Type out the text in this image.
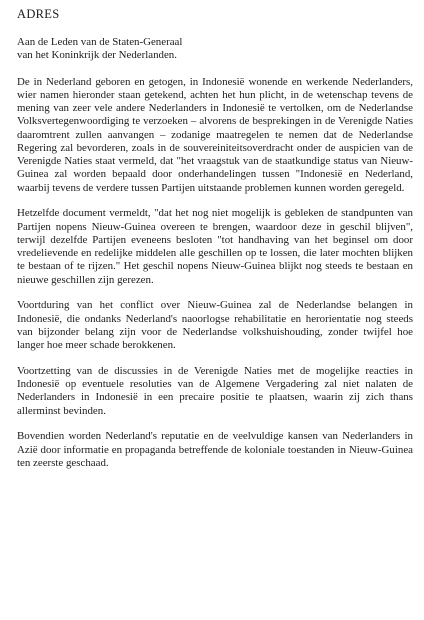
ADRES
Aan de Leden van de Staten-Generaal
van het Koninkrijk der Nederlanden.

De in Nederland geboren en getogen, in Indonesië wonende en werkende Nederlanders, wier namen hieronder staan getekend, achten het hun plicht, in de wetenschap tevens de mening van zeer vele andere Nederlanders in Indonesië te vertolken, om de Nederlandse Volksvertegenwoordiging te verzoeken – alvorens de besprekingen in de Verenigde Naties daaromtrent zullen aanvangen – zodanige maatregelen te nemen dat de Nederlandse Regering zal bevorderen, zoals in de souvereiniteitsoverdracht onder de auspicien van de Verenigde Naties staat vermeld, dat "het vraagstuk van de staatkundige status van Nieuw-Guinea zal worden bepaald door onderhandelingen tussen "Indonesië en Nederland, waarbij tevens de verdere tussen Partijen uitstaande problemen kunnen worden geregeld.

Hetzelfde document vermeldt, "dat het nog niet mogelijk is gebleken de standpunten van Partijen nopens Nieuw-Guinea overeen te brengen, waardoor deze in geschil blijven", terwijl dezelfde Partijen eveneens besloten "tot handhaving van het beginsel om door vredelievende en redelijke middelen alle geschillen op te lossen, die later mochten blijken te bestaan of te rijzen." Het geschil nopens Nieuw-Guinea blijkt nog steeds te bestaan en nieuwe geschillen zijn gerezen.

Voortduring van het conflict over Nieuw-Guinea zal de Nederlandse belangen in Indonesië, die ondanks Nederland's naoorlogse rehabilitatie en herorientatie nog steeds van bijzonder belang zijn voor de Nederlandse volkshuishouding, zonder twijfel hoe langer hoe meer schade berokkenen.

Voortzetting van de discussies in de Verenigde Naties met de mogelijke reacties in Indonesië op eventuele resoluties van de Algemene Vergadering zal niet nalaten de Nederlanders in Indonesië in een precaire positie te plaatsen, waarin zij zich thans allerminst bevinden.

Bovendien worden Nederland's reputatie en de veelvuldige kansen van Nederlanders in Azië door informatie en propaganda betreffende de koloniale toestanden in Nieuw-Guinea ten zeerste geschaad.
